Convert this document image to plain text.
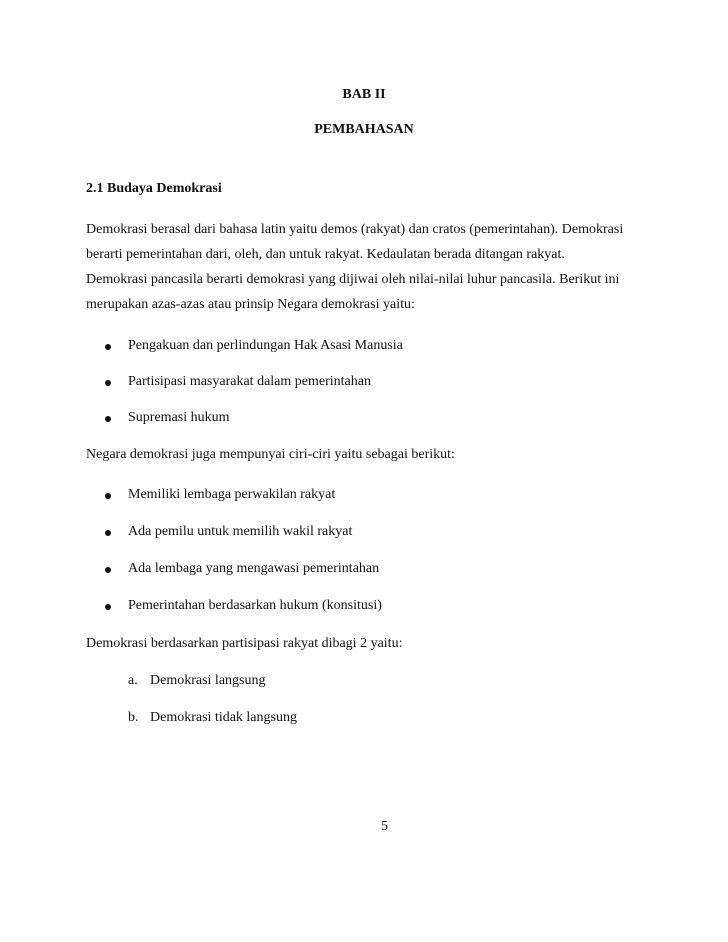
BAB II

PEMBAHASAN

2.1 Budaya Demokrasi

Demokrasi berasal dari bahasa latin yaitu demos (rakyat) dan cratos (pemerintahan). Demokrasi

berarti pemerintahan dari, oleh, dan untuk rakyat. Kedaulatan berada ditangan rakyat.

Demokrasi pancasila berarti demokrasi yang dijiwai oleh nilai-nilai luhur pancasila. Berikut ini

merupakan azas-azas atau prinsip Negara demokrasi yaitu:

Pengakuan dan perlindungan Hak Asasi Manusia

Partisipasi masyarakat dalam pemerintahan

Supremasi hukum

Negara demokrasi juga mempunyai ciri-ciri yaitu sebagai berikut:

Memiliki lembaga perwakilan rakyat

Ada pemilu untuk memilih wakil rakyat

Ada lembaga yang mengawasi pemerintahan

Pemerintahan berdasarkan hukum (konsitusi)

Demokrasi berdasarkan partisipasi rakyat dibagi 2 yaitu:

a. Demokrasi langsung

b. Demokrasi tidak langsung

5
